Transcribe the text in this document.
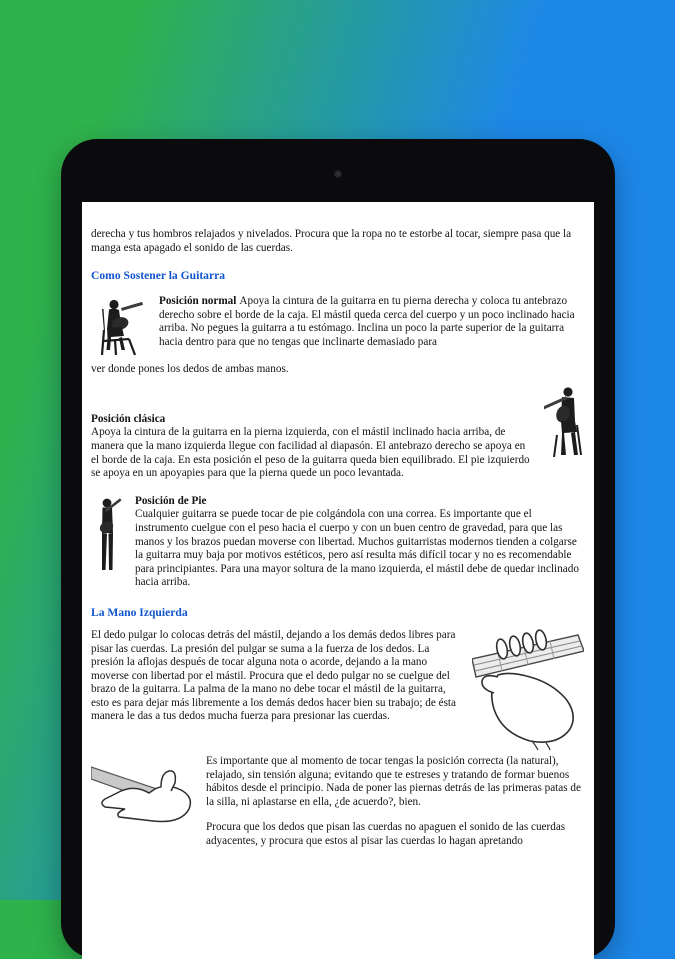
derecha y tus hombros relajados y nivelados. Procura que la ropa no te estorbe al tocar, siempre pasa que la manga esta apagado el sonido de las cuerdas.

Como Sostener la Guitarra

Posición normal Apoya la cintura de la guitarra en tu pierna derecha y coloca tu antebrazo derecho sobre el borde de la caja. El mástil queda cerca del cuerpo y un poco inclinado hacia arriba. No pegues la guitarra a tu estómago. Inclina un poco la parte superior de la guitarra hacia dentro para que no tengas que inclinarte demasiado para

ver donde pones los dedos de ambas manos.

Posición clásica

Apoya la cintura de la guitarra en la pierna izquierda, con el mástil inclinado hacia arriba, de manera que la mano izquierda llegue con facilidad al diapasón. El antebrazo derecho se apoya en el borde de la caja. En esta posición el peso de la guitarra queda bien equilibrado. El pie izquierdo se apoya en un apoyapies para que la pierna quede un poco levantada.

Posición de Pie

Cualquier guitarra se puede tocar de pie colgándola con una correa. Es importante que el instrumento cuelgue con el peso hacia el cuerpo y con un buen centro de gravedad, para que las manos y los brazos puedan moverse con libertad. Muchos guitarristas modernos tienden a colgarse la guitarra muy baja por motivos estéticos, pero así resulta más difícil tocar y no es recomendable para principiantes. Para una mayor soltura de la mano izquierda, el mástil debe de quedar inclinado hacia arriba.

La Mano Izquierda

El dedo pulgar lo colocas detrás del mástil, dejando a los demás dedos libres para pisar las cuerdas. La presión del pulgar se suma a la fuerza de los dedos. La presión la aflojas después de tocar alguna nota o acorde, dejando a la mano moverse con libertad por el mástil. Procura que el dedo pulgar no se cuelgue del brazo de la guitarra. La palma de la mano no debe tocar el mástil de la guitarra, esto es para dejar más libremente a los demás dedos hacer bien su trabajo; de ésta manera le das a tus dedos mucha fuerza para presionar las cuerdas.

Es importante que al momento de tocar tengas la posición correcta (la natural), relajado, sin tensión alguna; evitando que te estreses y tratando de formar buenos hábitos desde el principio. Nada de poner las piernas detrás de las primeras patas de la silla, ni aplastarse en ella, ¿de acuerdo?, bien.

Procura que los dedos que pisan las cuerdas no apaguen el sonido de las cuerdas adyacentes, y procura que estos al pisar las cuerdas lo hagan apretando
